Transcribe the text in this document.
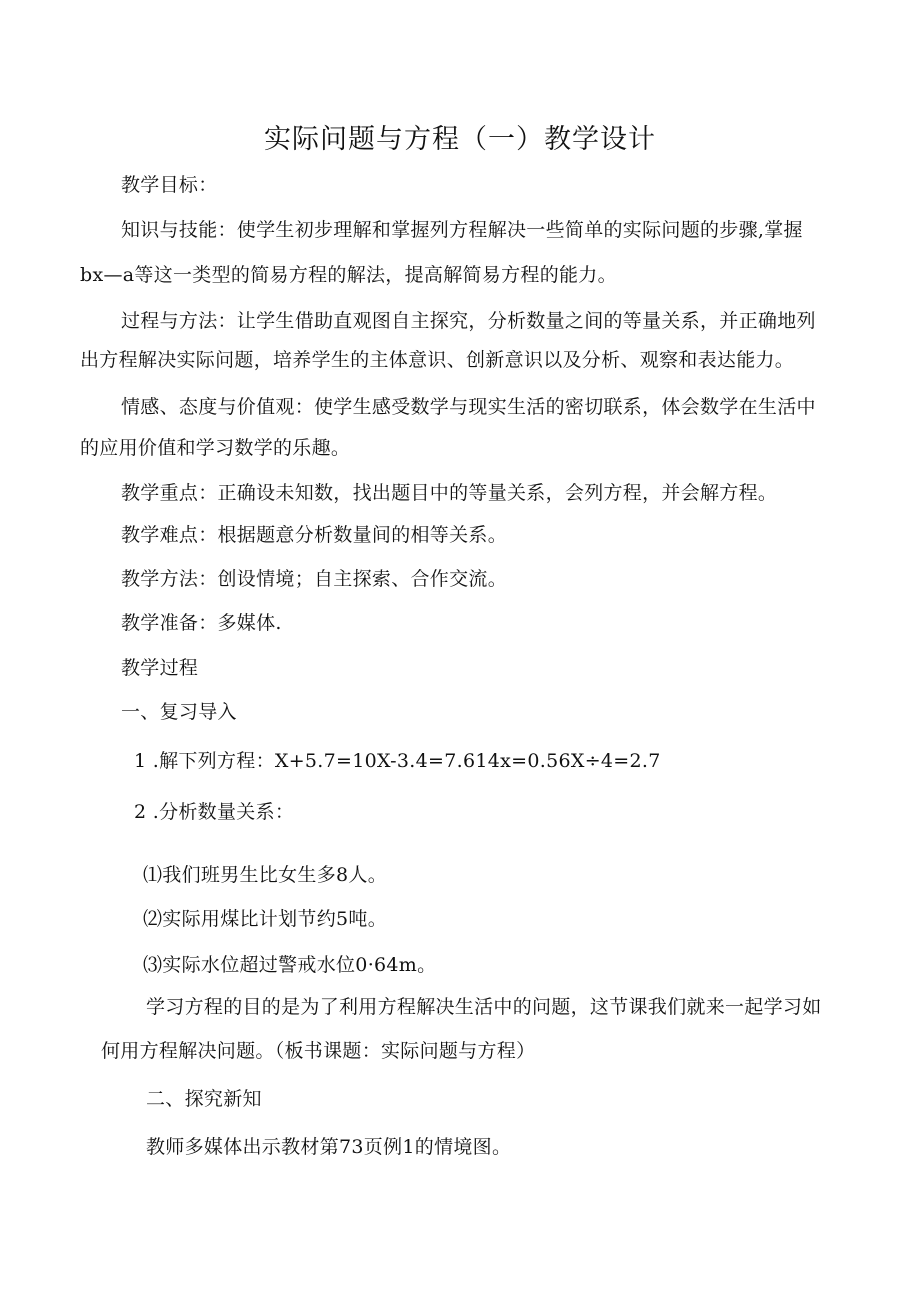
实际问题与方程（一）教学设计
教学目标：
知识与技能：使学生初步理解和掌握列方程解决一些简单的实际问题的步骤,掌握
bx—a等这一类型的简易方程的解法，提高解简易方程的能力。
过程与方法：让学生借助直观图自主探究，分析数量之间的等量关系，并正确地列
出方程解决实际问题，培养学生的主体意识、创新意识以及分析、观察和表达能力。
情感、态度与价值观：使学生感受数学与现实生活的密切联系，体会数学在生活中
的应用价值和学习数学的乐趣。
教学重点：正确设未知数，找出题目中的等量关系，会列方程，并会解方程。
教学难点：根据题意分析数量间的相等关系。
教学方法：创设情境；自主探索、合作交流。
教学准备：多媒体.
教学过程
一、复习导入
1 .解下列方程：X+5.7=10X-3.4=7.614x=0.56X÷4=2.7
2 .分析数量关系：
⑴我们班男生比女生多8人。
⑵实际用煤比计划节约5吨。
⑶实际水位超过警戒水位0·64m。
学习方程的目的是为了利用方程解决生活中的问题，这节课我们就来一起学习如
何用方程解决问题。（板书课题：实际问题与方程）
二、探究新知
教师多媒体出示教材第73页例1的情境图。
